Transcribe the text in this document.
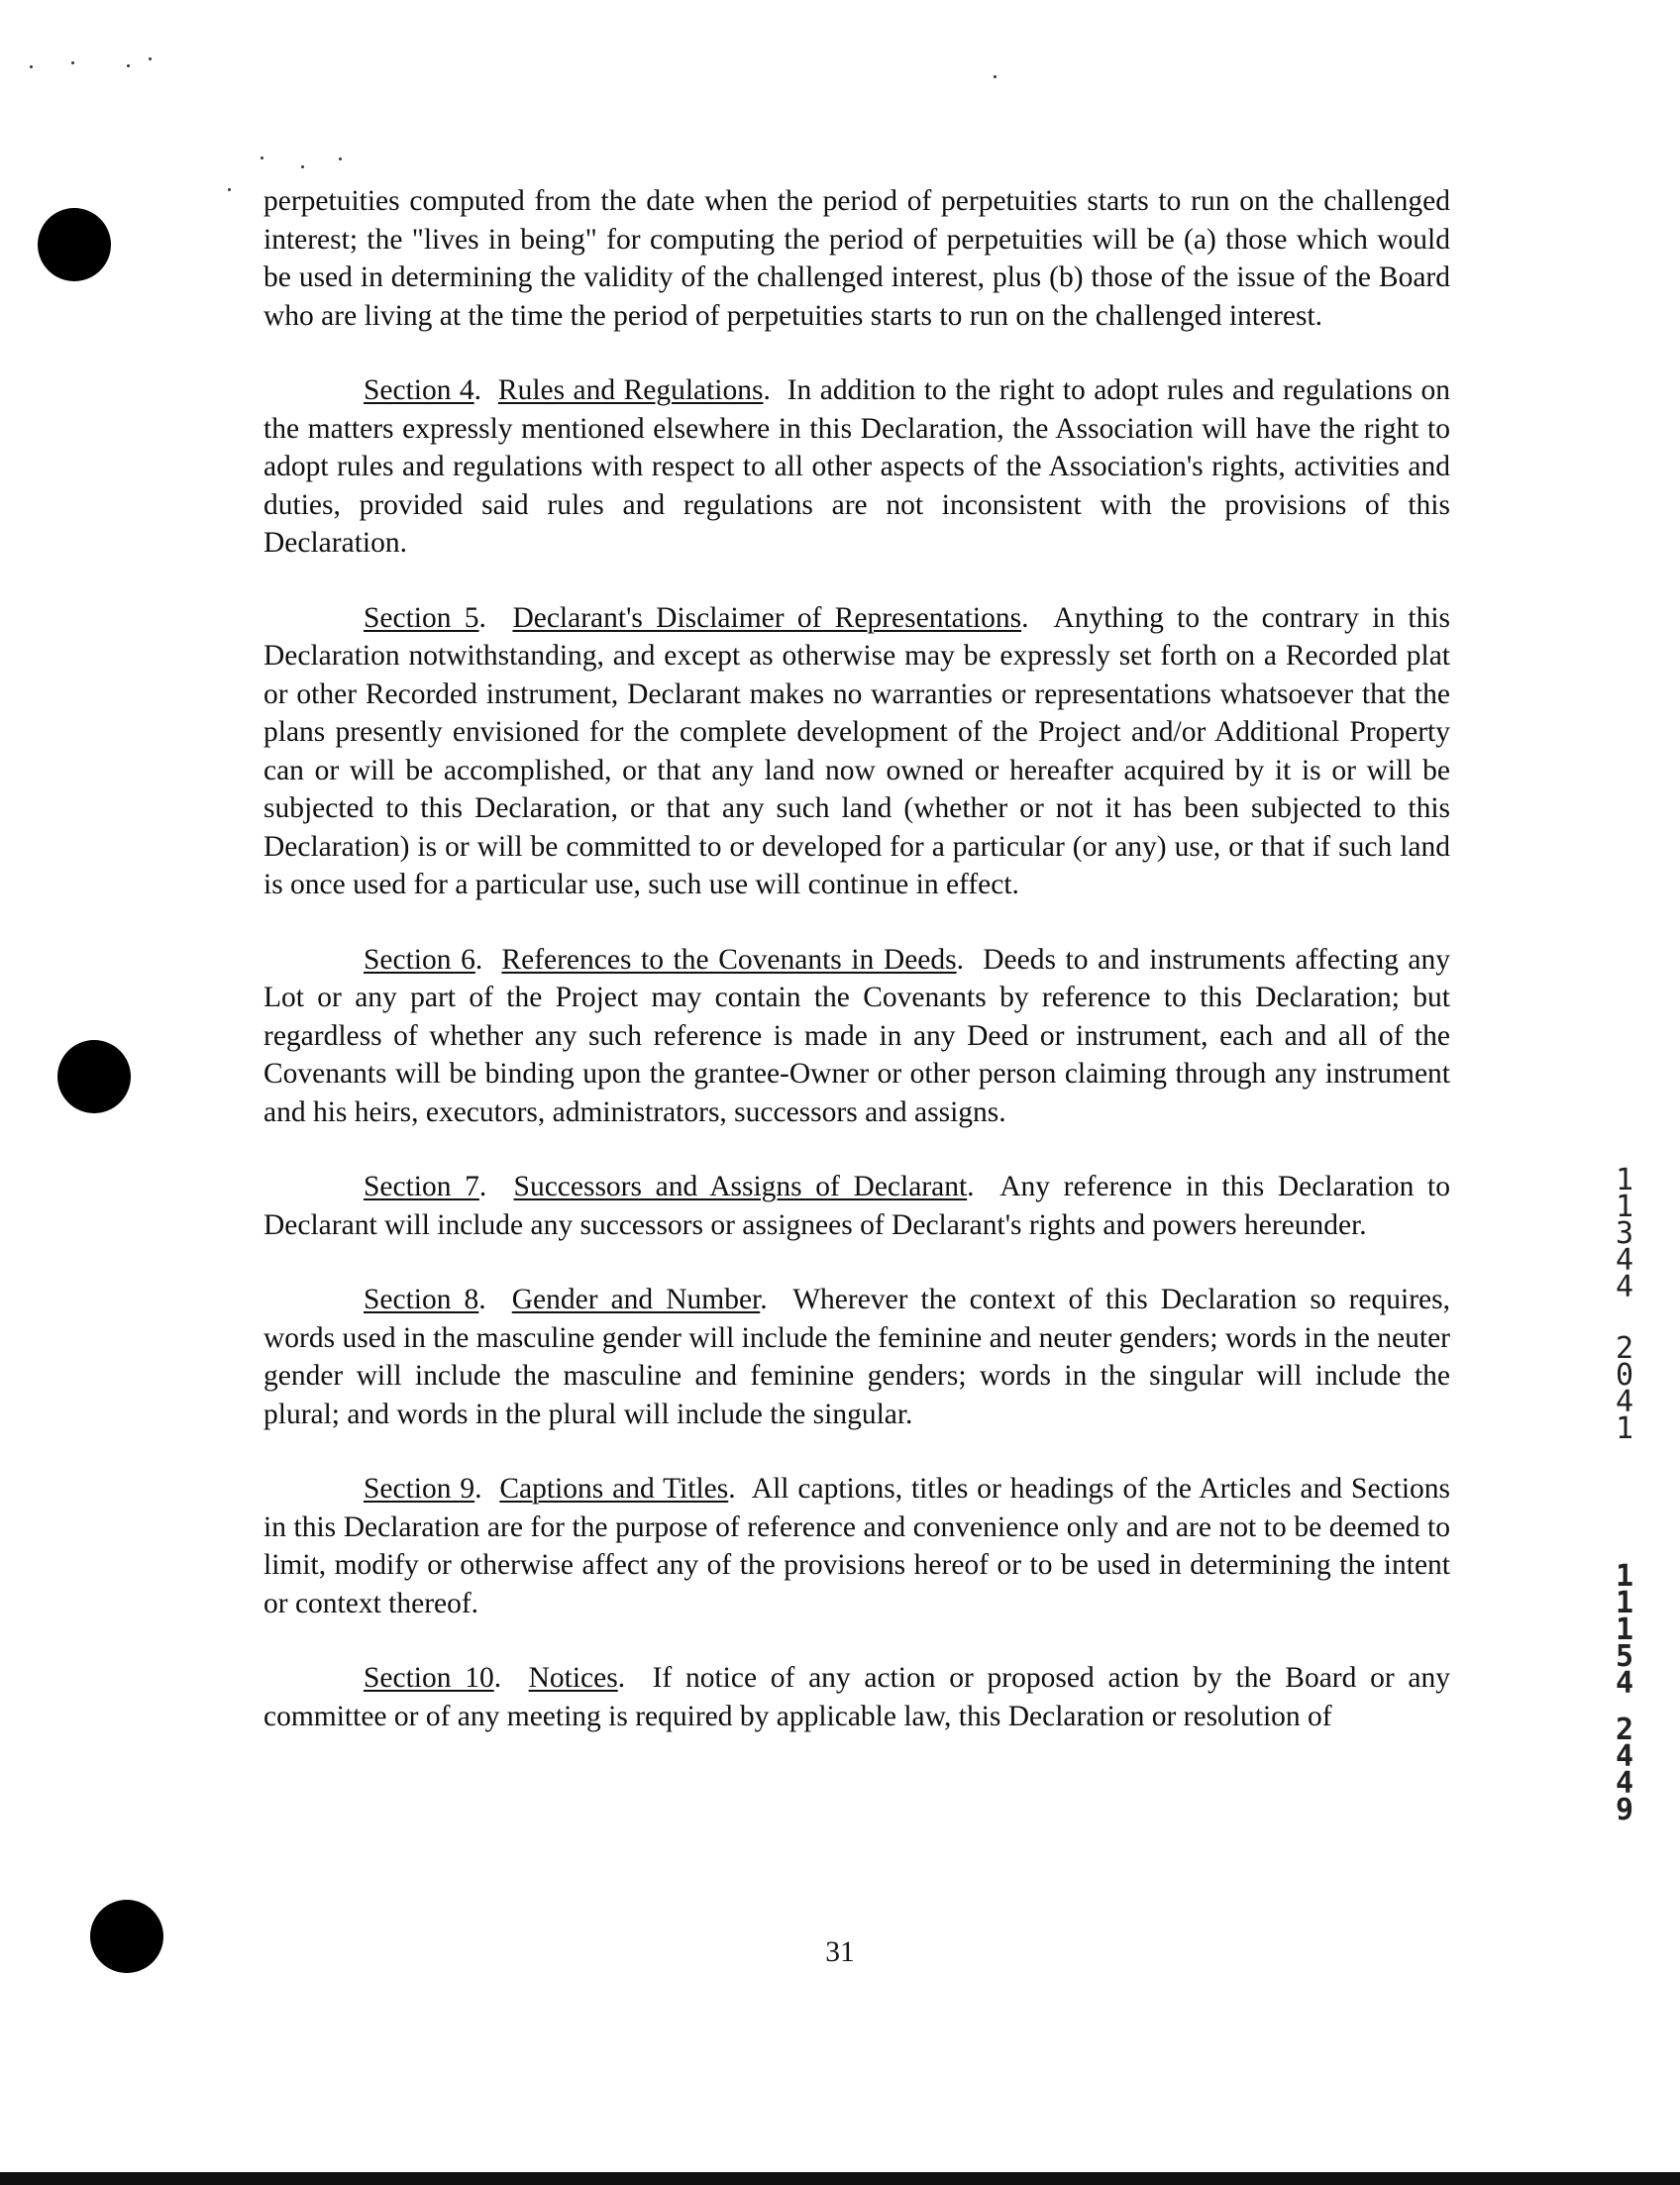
perpetuities computed from the date when the period of perpetuities starts to run on the challenged interest; the "lives in being" for computing the period of perpetuities will be (a) those which would be used in determining the validity of the challenged interest, plus (b) those of the issue of the Board who are living at the time the period of perpetuities starts to run on the challenged interest.

Section 4.  Rules and Regulations.  In addition to the right to adopt rules and regulations on the matters expressly mentioned elsewhere in this Declaration, the Association will have the right to adopt rules and regulations with respect to all other aspects of the Association's rights, activities and duties, provided said rules and regulations are not inconsistent with the provisions of this Declaration.

Section 5.  Declarant's Disclaimer of Representations.  Anything to the contrary in this Declaration notwithstanding, and except as otherwise may be expressly set forth on a Recorded plat or other Recorded instrument, Declarant makes no warranties or representations whatsoever that the plans presently envisioned for the complete development of the Project and/or Additional Property can or will be accomplished, or that any land now owned or hereafter acquired by it is or will be subjected to this Declaration, or that any such land (whether or not it has been subjected to this Declaration) is or will be committed to or developed for a particular (or any) use, or that if such land is once used for a particular use, such use will continue in effect.

Section 6.  References to the Covenants in Deeds.  Deeds to and instruments affecting any Lot or any part of the Project may contain the Covenants by reference to this Declaration; but regardless of whether any such reference is made in any Deed or instrument, each and all of the Covenants will be binding upon the grantee-Owner or other person claiming through any instrument and his heirs, executors, administrators, successors and assigns.

Section 7.  Successors and Assigns of Declarant.  Any reference in this Declaration to Declarant will include any successors or assignees of Declarant's rights and powers hereunder.

Section 8.  Gender and Number.  Wherever the context of this Declaration so requires, words used in the masculine gender will include the feminine and neuter genders; words in the neuter gender will include the masculine and feminine genders; words in the singular will include the plural; and words in the plural will include the singular.

Section 9.  Captions and Titles.  All captions, titles or headings of the Articles and Sections in this Declaration are for the purpose of reference and convenience only and are not to be deemed to limit, modify or otherwise affect any of the provisions hereof or to be used in determining the intent or context thereof.

Section 10.  Notices.  If notice of any action or proposed action by the Board or any committee or of any meeting is required by applicable law, this Declaration or resolution of

31
1
1
3
4
4
2
0
4
1
1
1
1
5
4
2
4
4
9
